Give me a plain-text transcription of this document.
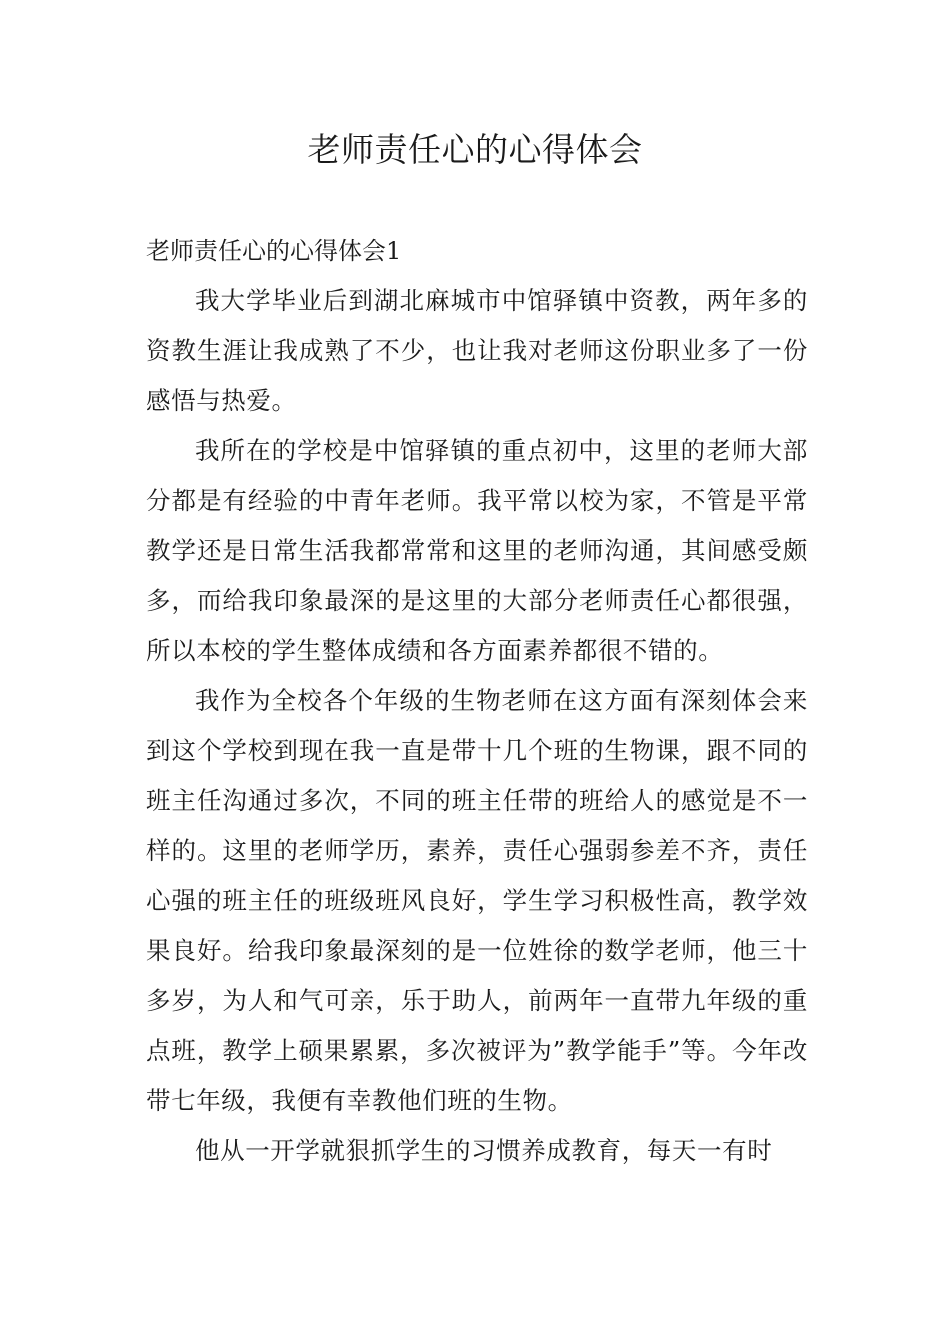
老师责任心的心得体会
老师责任心的心得体会1

我大学毕业后到湖北麻城市中馆驿镇中资教，两年多的资教生涯让我成熟了不少，也让我对老师这份职业多了一份感悟与热爱。

我所在的学校是中馆驿镇的重点初中，这里的老师大部分都是有经验的中青年老师。我平常以校为家，不管是平常教学还是日常生活我都常常和这里的老师沟通，其间感受颇多，而给我印象最深的是这里的大部分老师责任心都很强，所以本校的学生整体成绩和各方面素养都很不错的。

我作为全校各个年级的生物老师在这方面有深刻体会来到这个学校到现在我一直是带十几个班的生物课，跟不同的班主任沟通过多次，不同的班主任带的班给人的感觉是不一样的。这里的老师学历，素养，责任心强弱参差不齐，责任心强的班主任的班级班风良好，学生学习积极性高，教学效果良好。给我印象最深刻的是一位姓徐的数学老师，他三十多岁，为人和气可亲，乐于助人，前两年一直带九年级的重点班，教学上硕果累累，多次被评为”教学能手”等。今年改带七年级，我便有幸教他们班的生物。

他从一开学就狠抓学生的习惯养成教育，每天一有时
